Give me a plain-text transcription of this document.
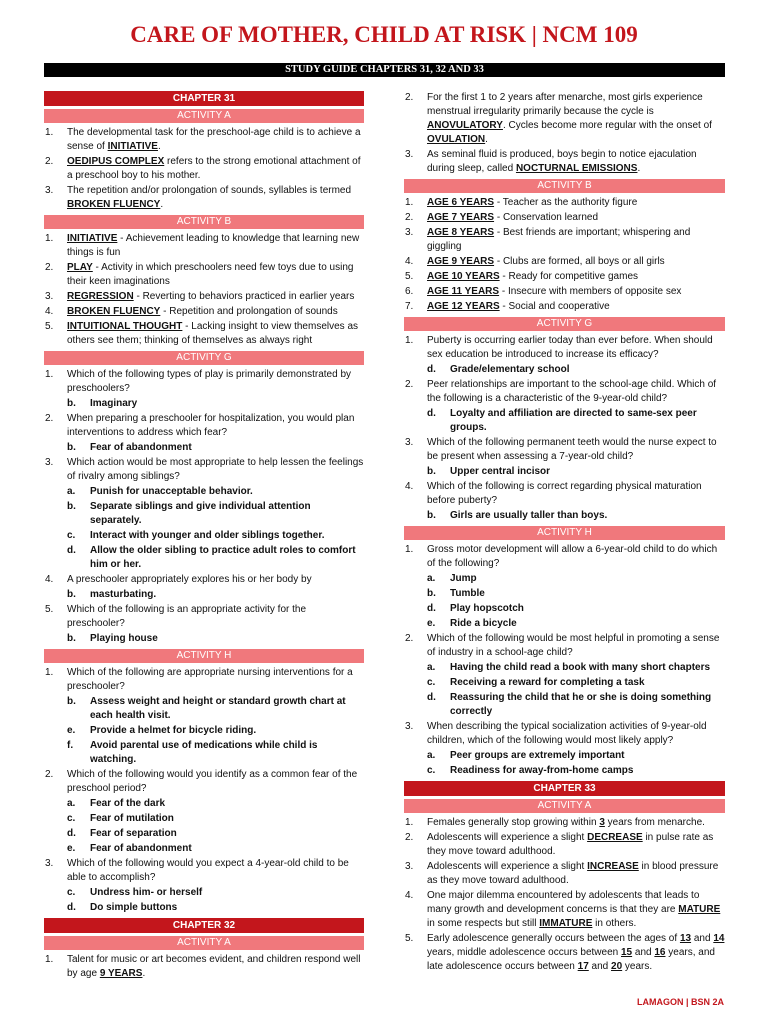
CARE OF MOTHER, CHILD AT RISK | NCM 109
STUDY GUIDE CHAPTERS 31, 32 AND 33
CHAPTER 31
ACTIVITY A
1. The developmental task for the preschool-age child is to achieve a sense of INITIATIVE.
2. OEDIPUS COMPLEX refers to the strong emotional attachment of a preschool boy to his mother.
3. The repetition and/or prolongation of sounds, syllables is termed BROKEN FLUENCY.
ACTIVITY B
1. INITIATIVE - Achievement leading to knowledge that learning new things is fun
2. PLAY - Activity in which preschoolers need few toys due to using their keen imaginations
3. REGRESSION - Reverting to behaviors practiced in earlier years
4. BROKEN FLUENCY - Repetition and prolongation of sounds
5. INTUITIONAL THOUGHT - Lacking insight to view themselves as others see them; thinking of themselves as always right
ACTIVITY G
1. Which of the following types of play is primarily demonstrated by preschoolers?
b. Imaginary
2. When preparing a preschooler for hospitalization, you would plan interventions to address which fear?
b. Fear of abandonment
3. Which action would be most appropriate to help lessen the feelings of rivalry among siblings?
a. Punish for unacceptable behavior.
b. Separate siblings and give individual attention separately.
c. Interact with younger and older siblings together.
d. Allow the older sibling to practice adult roles to comfort him or her.
4. A preschooler appropriately explores his or her body by
b. masturbating.
5. Which of the following is an appropriate activity for the preschooler?
b. Playing house
ACTIVITY H
1. Which of the following are appropriate nursing interventions for a preschooler?
b. Assess weight and height or standard growth chart at each health visit.
e. Provide a helmet for bicycle riding.
f. Avoid parental use of medications while child is watching.
2. Which of the following would you identify as a common fear of the preschool period?
a. Fear of the dark
c. Fear of mutilation
d. Fear of separation
e. Fear of abandonment
3. Which of the following would you expect a 4-year-old child to be able to accomplish?
c. Undress him- or herself
d. Do simple buttons
CHAPTER 32
ACTIVITY A
1. Talent for music or art becomes evident, and children respond well by age 9 YEARS.
2. For the first 1 to 2 years after menarche, most girls experience menstrual irregularity primarily because the cycle is ANOVULATORY. Cycles become more regular with the onset of OVULATION.
3. As seminal fluid is produced, boys begin to notice ejaculation during sleep, called NOCTURNAL EMISSIONS.
ACTIVITY B
1. AGE 6 YEARS - Teacher as the authority figure
2. AGE 7 YEARS - Conservation learned
3. AGE 8 YEARS - Best friends are important; whispering and giggling
4. AGE 9 YEARS - Clubs are formed, all boys or all girls
5. AGE 10 YEARS - Ready for competitive games
6. AGE 11 YEARS - Insecure with members of opposite sex
7. AGE 12 YEARS - Social and cooperative
ACTIVITY G
1. Puberty is occurring earlier today than ever before. When should sex education be introduced to increase its efficacy?
d. Grade/elementary school
2. Peer relationships are important to the school-age child. Which of the following is a characteristic of the 9-year-old child?
d. Loyalty and affiliation are directed to same-sex peer groups.
3. Which of the following permanent teeth would the nurse expect to be present when assessing a 7-year-old child?
b. Upper central incisor
4. Which of the following is correct regarding physical maturation before puberty?
b. Girls are usually taller than boys.
ACTIVITY H
1. Gross motor development will allow a 6-year-old child to do which of the following?
a. Jump
b. Tumble
d. Play hopscotch
e. Ride a bicycle
2. Which of the following would be most helpful in promoting a sense of industry in a school-age child?
a. Having the child read a book with many short chapters
c. Receiving a reward for completing a task
d. Reassuring the child that he or she is doing something correctly
3. When describing the typical socialization activities of 9-year-old children, which of the following would most likely apply?
a. Peer groups are extremely important
c. Readiness for away-from-home camps
CHAPTER 33
ACTIVITY A
1. Females generally stop growing within 3 years from menarche.
2. Adolescents will experience a slight DECREASE in pulse rate as they move toward adulthood.
3. Adolescents will experience a slight INCREASE in blood pressure as they move toward adulthood.
4. One major dilemma encountered by adolescents that leads to many growth and development concerns is that they are MATURE in some respects but still IMMATURE in others.
5. Early adolescence generally occurs between the ages of 13 and 14 years, middle adolescence occurs between 15 and 16 years, and late adolescence occurs between 17 and 20 years.
LAMAGON | BSN 2A
